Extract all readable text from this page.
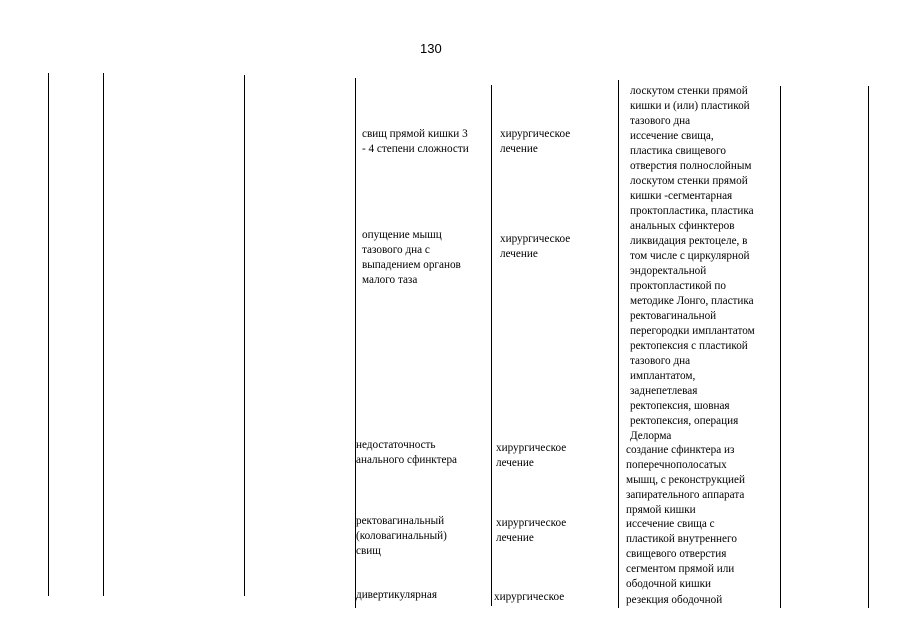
130
лоскутом стенки прямой
кишки и (или) пластикой
тазового дна
свищ прямой кишки 3
- 4 степени сложности
хирургическое
лечение
иссечение свища,
пластика свищевого
отверстия полнослойным
лоскутом стенки прямой
кишки -сегментарная
проктопластика, пластика
анальных сфинктеров
опущение мышц
тазового дна с
выпадением органов
малого таза
хирургическое
лечение
ликвидация ректоцеле, в
том числе с циркулярной
эндоректальной
проктопластикой по
методике Лонго, пластика
ректовагинальной
перегородки имплантатом
ректопексия с пластикой
тазового дна
имплантатом,
заднепетлевая
ректопексия, шовная
ректопексия, операция
Делорма
недостаточность
анального сфинктера
хирургическое
лечение
создание сфинктера из
поперечнополосатых
мышц, с реконструкцией
запирательного аппарата
прямой кишки
ректовагинальный
(коловагинальный)
свищ
хирургическое
лечение
иссечение свища с
пластикой внутреннего
свищевого отверстия
сегментом прямой или
ободочной кишки
дивертикулярная	хирургическое	резекция ободочной
